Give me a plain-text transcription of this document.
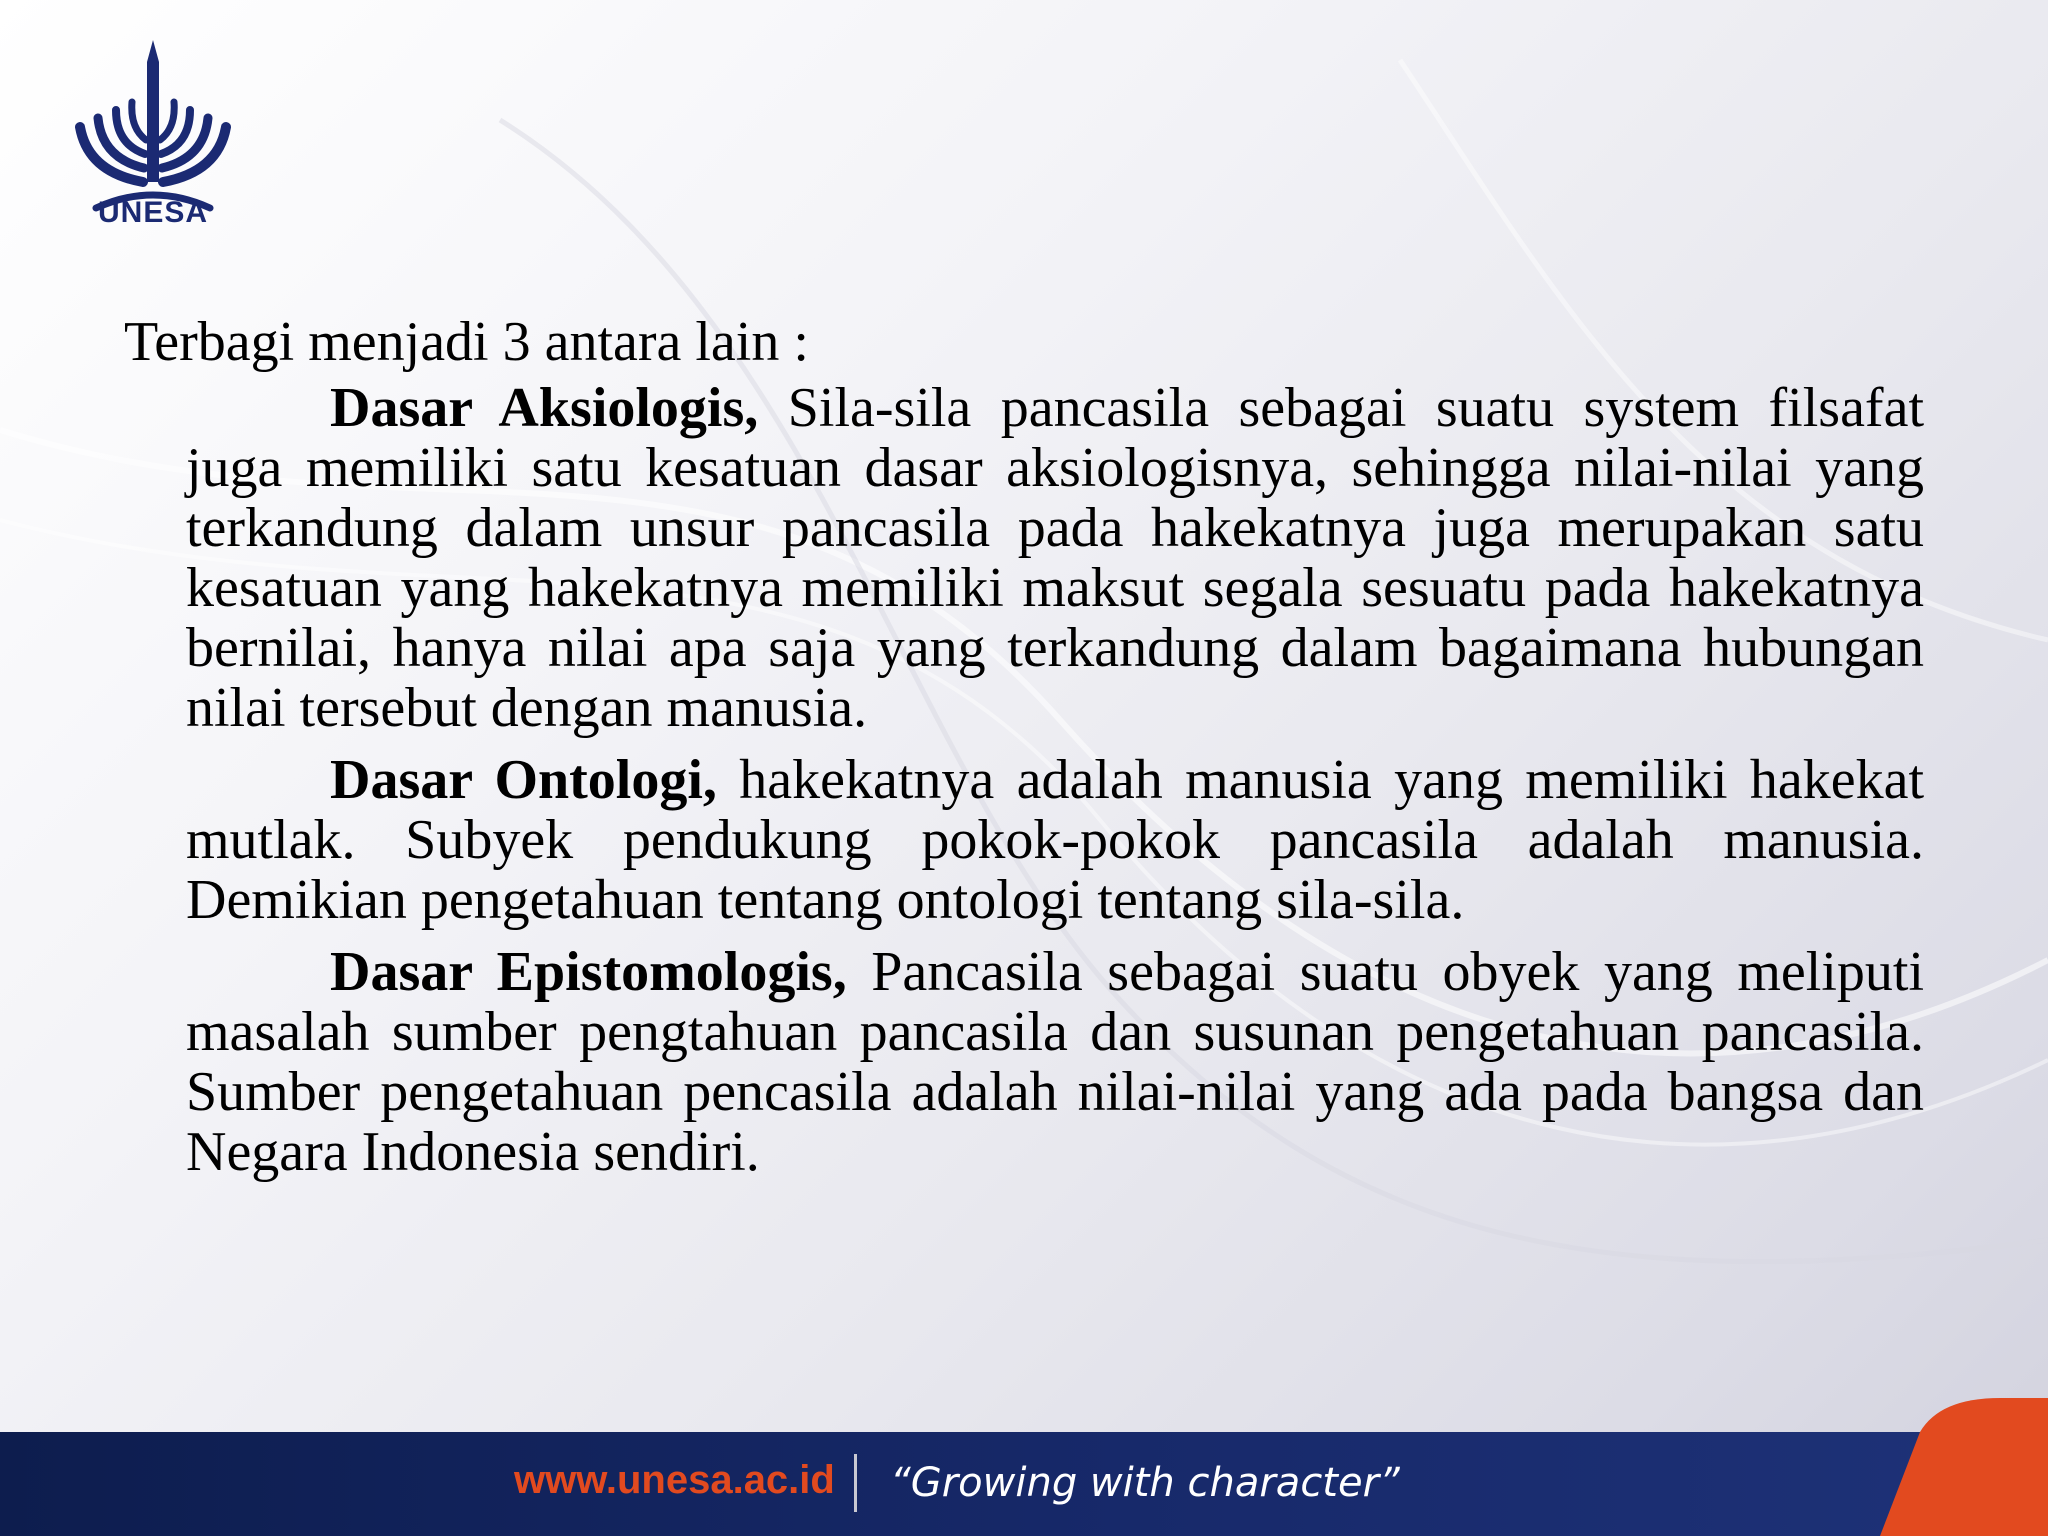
UNESA

Terbagi menjadi 3 antara lain :

Dasar Aksiologis, Sila-sila pancasila sebagai suatu system filsafat juga memiliki satu kesatuan dasar aksiologisnya, sehingga nilai-nilai yang terkandung dalam unsur pancasila pada hakekatnya juga merupakan satu kesatuan yang hakekatnya memiliki maksut segala sesuatu pada hakekatnya bernilai, hanya nilai apa saja yang terkandung dalam bagaimana hubungan nilai tersebut dengan manusia.

Dasar Ontologi, hakekatnya adalah manusia yang memiliki hakekat mutlak. Subyek pendukung pokok-pokok pancasila adalah manusia. Demikian pengetahuan tentang ontologi tentang sila-sila.

Dasar Epistomologis, Pancasila sebagai suatu obyek yang meliputi masalah sumber pengtahuan pancasila dan susunan pengetahuan pancasila. Sumber pengetahuan pencasila adalah nilai-nilai yang ada pada bangsa dan Negara Indonesia sendiri.

www.unesa.ac.id “Growing with character”
